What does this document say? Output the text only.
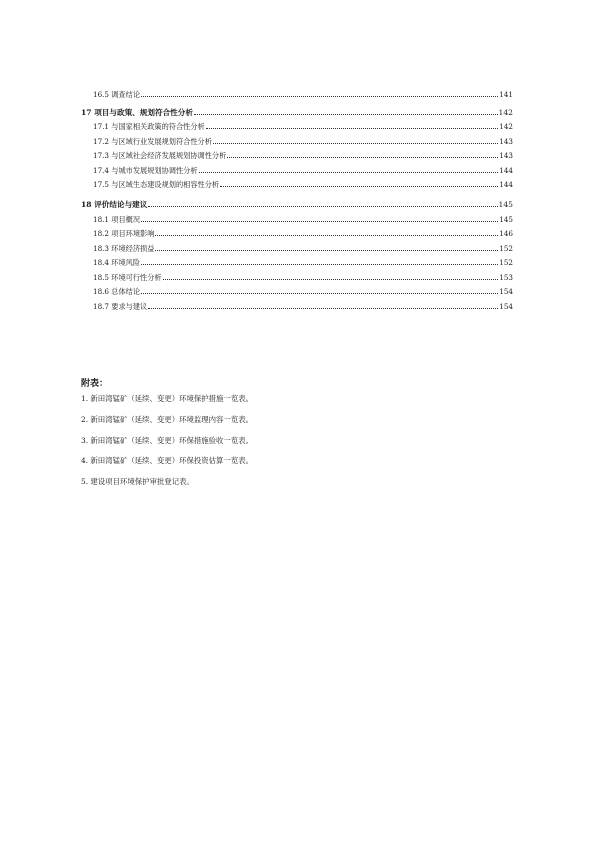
16.5 调查结论	141
17 项目与政策、规划符合性分析	142
17.1 与国家相关政策的符合性分析	142
17.2 与区域行业发展规划符合性分析	143
17.3 与区域社会经济发展规划协调性分析	143
17.4 与城市发展规划协调性分析	144
17.5 与区域生态建设规划的相容性分析	144
18 评价结论与建议	145
18.1 项目概况	145
18.2 项目环境影响	146
18.3 环境经济损益	152
18.4 环境风险	152
18.5 环境可行性分析	153
18.6 总体结论	154
18.7 要求与建议	154
附表：
1. 新田湾锰矿（延续、变更）环境保护措施一览表。
2. 新田湾锰矿（延续、变更）环境监理内容一览表。
3. 新田湾锰矿（延续、变更）环保措施验收一览表。
4. 新田湾锰矿（延续、变更）环保投资估算一览表。
5. 建设项目环境保护审批登记表。
